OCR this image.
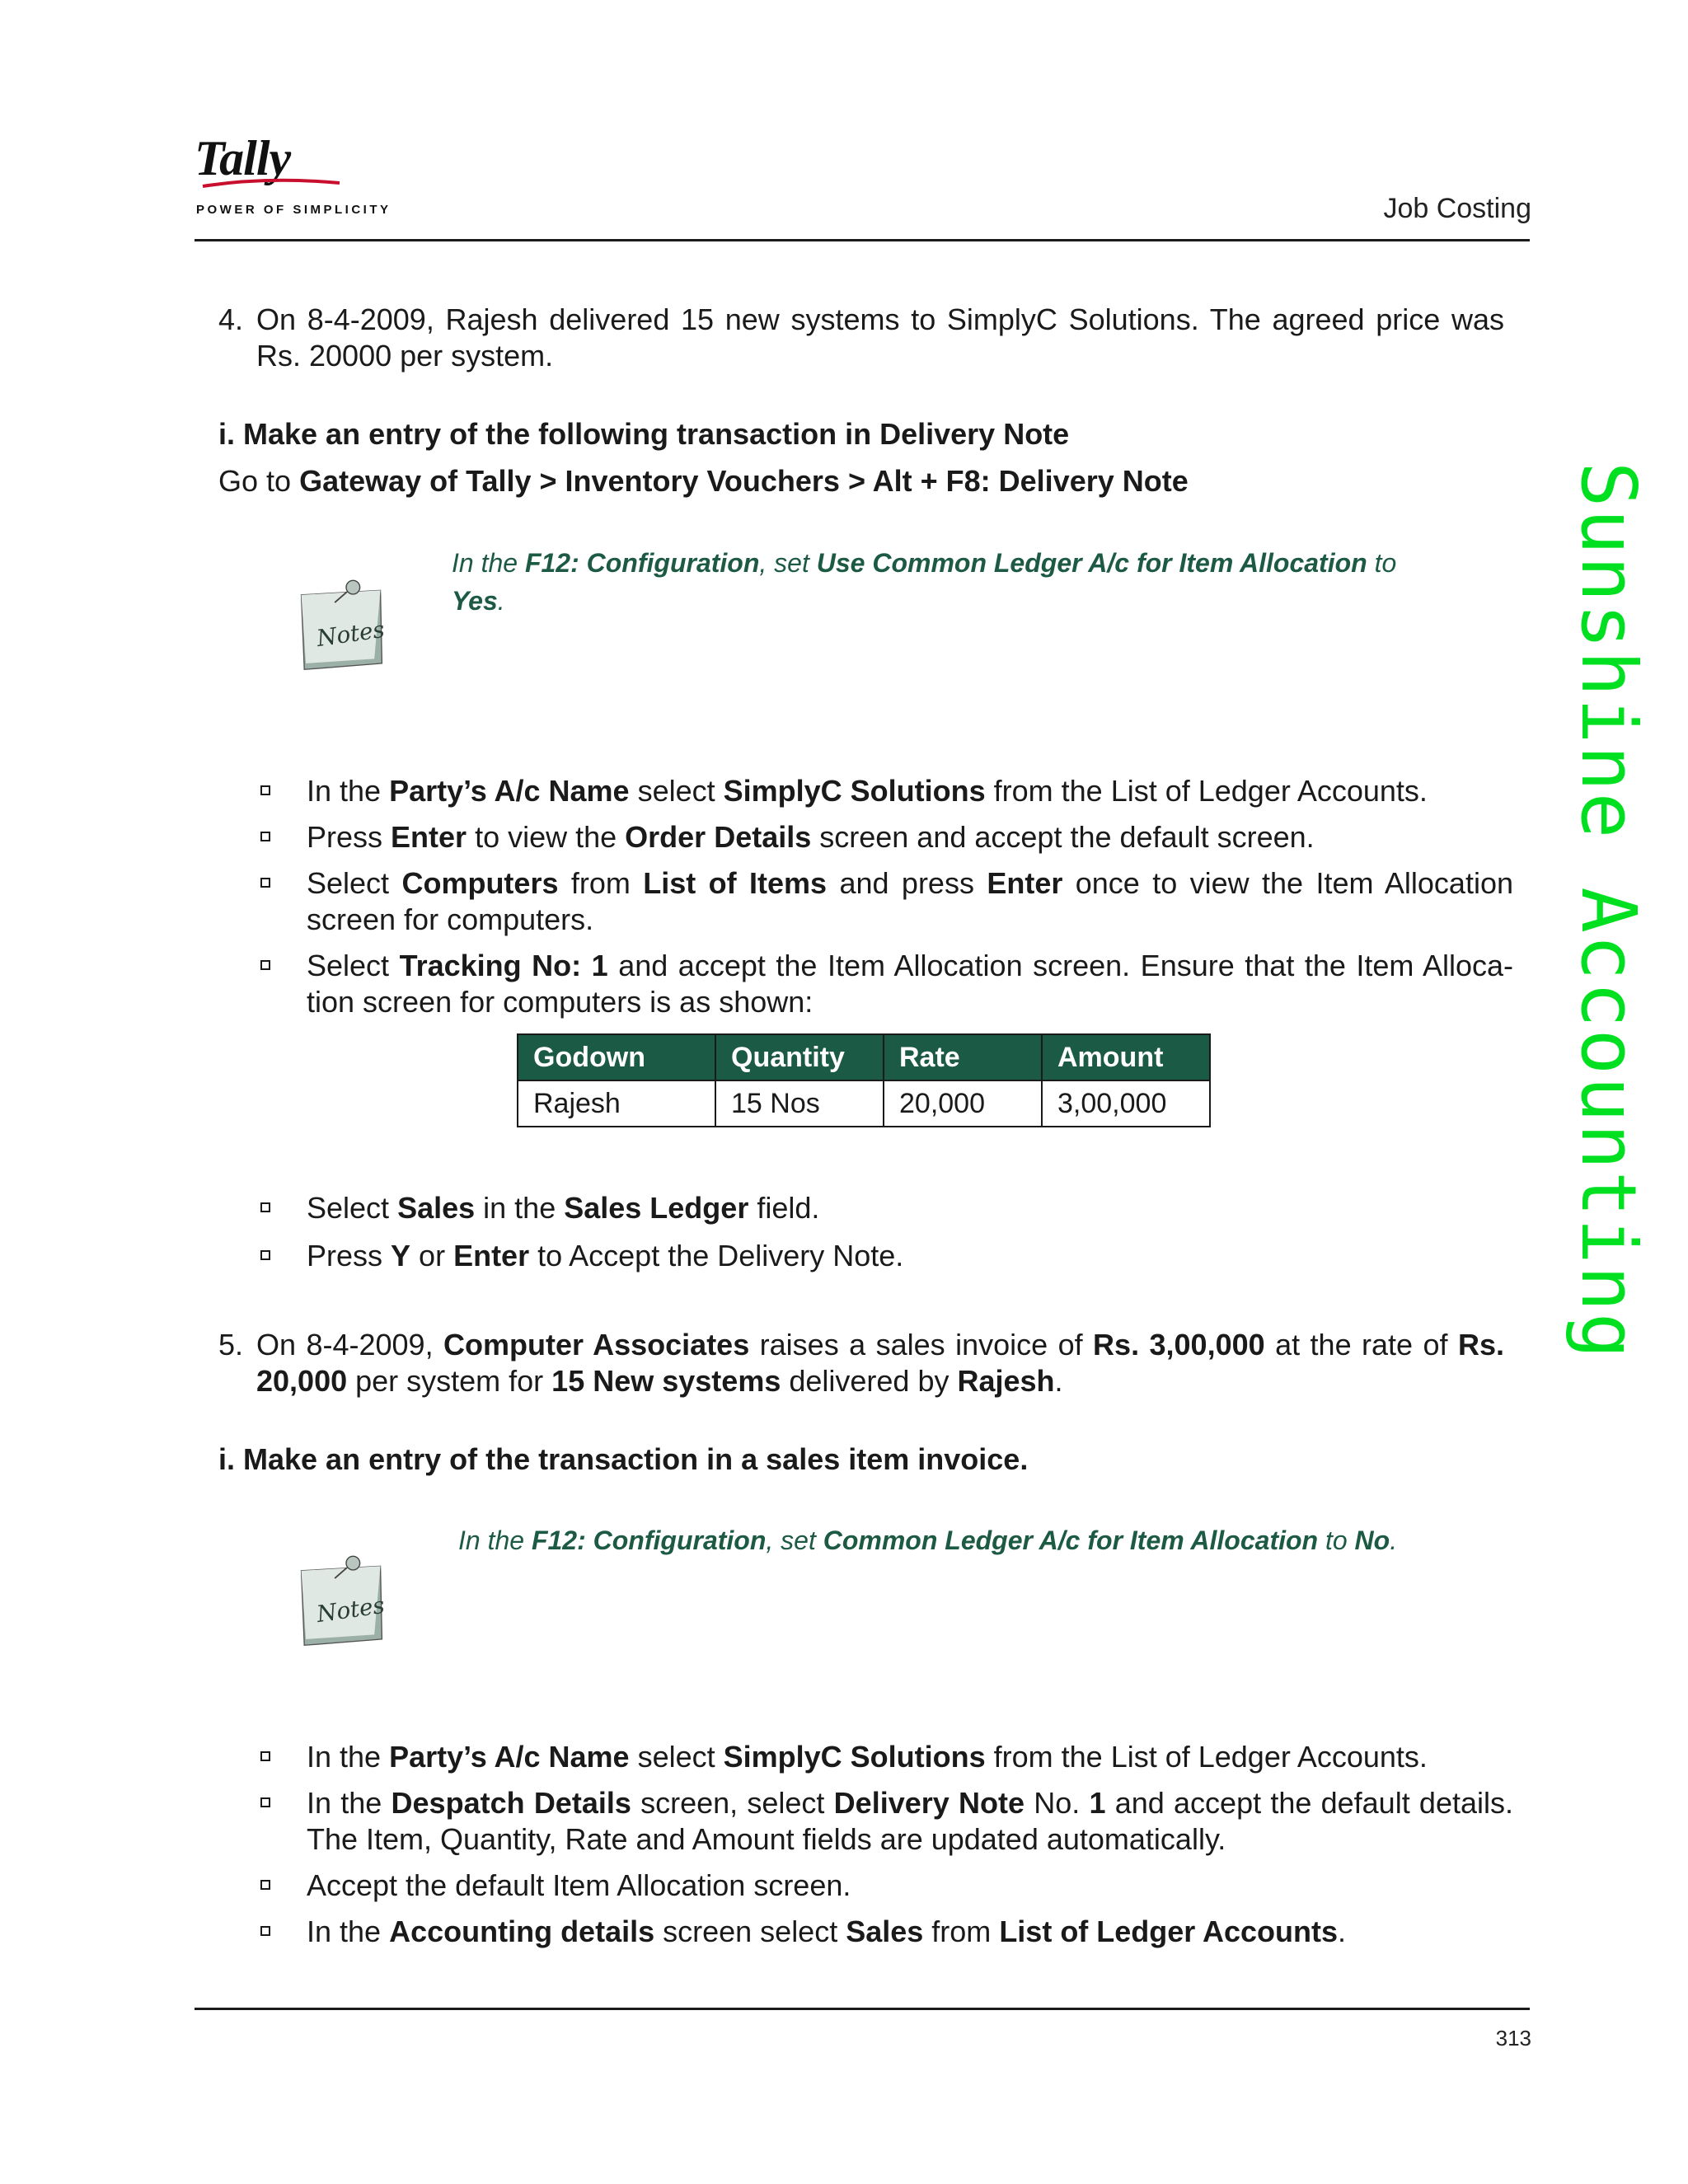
Tally
POWER OF SIMPLICITY	Job Costing
4. On 8-4-2009, Rajesh delivered 15 new systems to SimplyC Solutions. The agreed price was Rs. 20000 per system.
i. Make an entry of the following transaction in Delivery Note
Go to Gateway of Tally > Inventory Vouchers > Alt + F8: Delivery Note
Notes
In the F12: Configuration, set Use Common Ledger A/c for Item Allocation to
Yes.
In the Party’s A/c Name select SimplyC Solutions from the List of Ledger Accounts.
Press Enter to view the Order Details screen and accept the default screen.
Select Computers from List of Items and press Enter once to view the Item Allocation screen for computers.
Select Tracking No: 1 and accept the Item Allocation screen. Ensure that the Item Alloca- tion screen for computers is as shown:
Godown	Quantity	Rate	Amount
Rajesh	15 Nos	20,000	3,00,000
Select Sales in the Sales Ledger field.
Press Y or Enter to Accept the Delivery Note.
5. On 8-4-2009, Computer Associates raises a sales invoice of Rs. 3,00,000 at the rate of Rs. 20,000 per system for 15 New systems delivered by Rajesh.
i. Make an entry of the transaction in a sales item invoice.
Notes
In the F12: Configuration, set Common Ledger A/c for Item Allocation to No.
In the Party’s A/c Name select SimplyC Solutions from the List of Ledger Accounts.
In the Despatch Details screen, select Delivery Note No. 1 and accept the default details. The Item, Quantity, Rate and Amount fields are updated automatically.
Accept the default Item Allocation screen.
In the Accounting details screen select Sales from List of Ledger Accounts.
Sunshine Accounting
313
